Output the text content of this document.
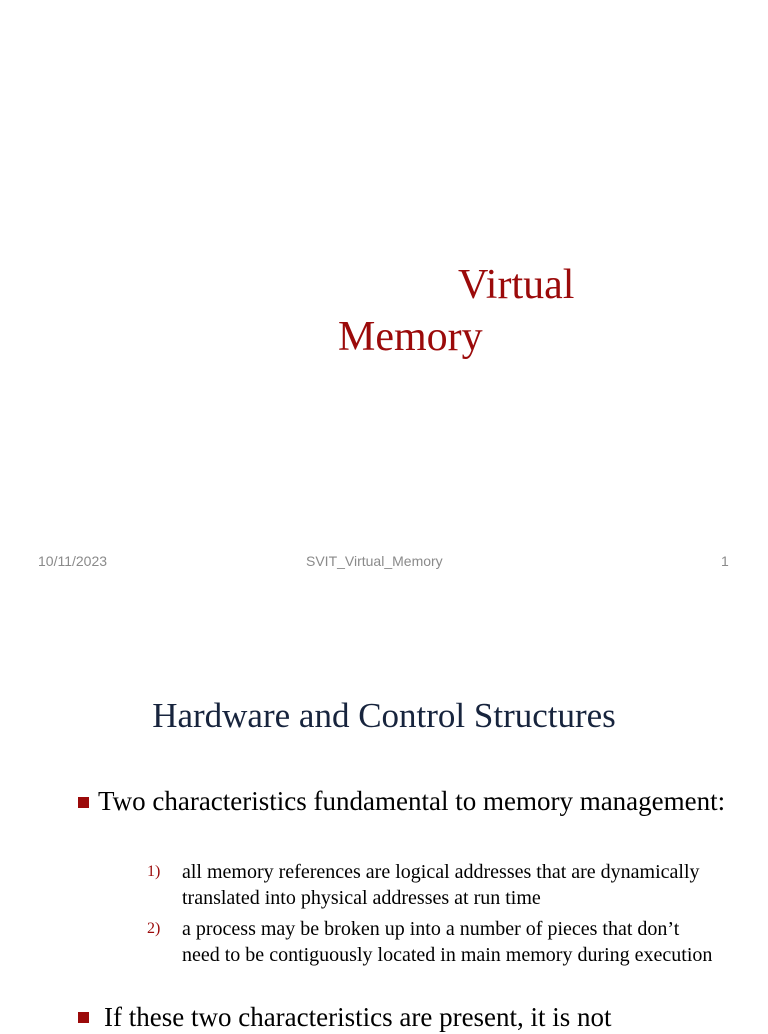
Virtual
Memory
10/11/2023	SVIT_Virtual_Memory	1
Hardware and Control Structures
Two characteristics fundamental to memory management:
1) all memory references are logical addresses that are dynamically translated into physical addresses at run time
2) a process may be broken up into a number of pieces that don’t need to be contiguously located in main memory during execution
If these two characteristics are present, it is not
